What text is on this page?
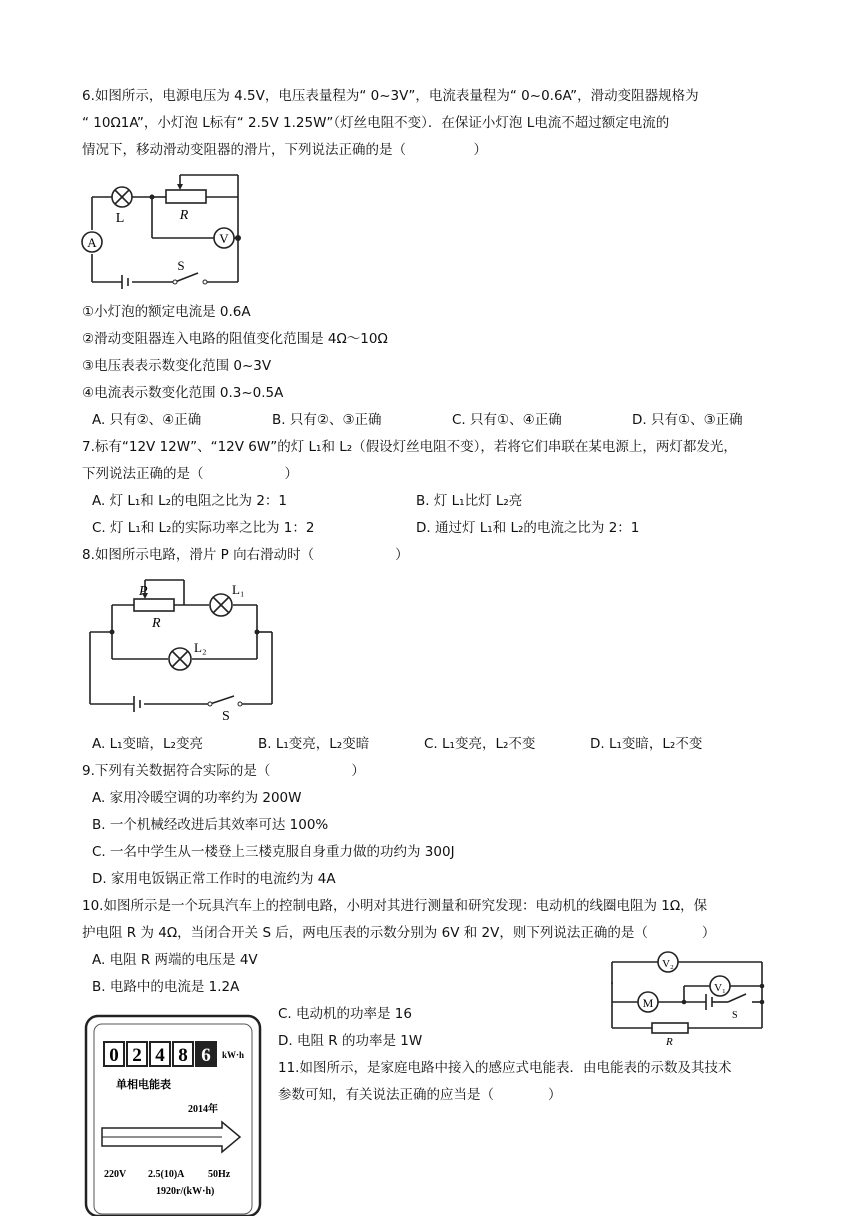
6.如图所示，电源电压为 4.5V，电压表量程为“ 0~3V”，电流表量程为“ 0~0.6A”，滑动变阻器规格为
“ 10Ω1A”，小灯泡 L标有“ 2.5V 1.25W”（灯丝电阻不变）．在保证小灯泡 L电流不超过额定电流的
情况下，移动滑动变阻器的滑片，下列说法正确的是（　　　　　）
A	V
L	R
S
①小灯泡的额定电流是 0.6A
②滑动变阻器连入电路的阻值变化范围是 4Ω～10Ω
③电压表表示数变化范围 0~3V
④电流表示数变化范围 0.3~0.5A
A. 只有②、④正确	B. 只有②、③正确	C. 只有①、④正确	D. 只有①、③正确
7.标有“12V 12W”、“12V 6W”的灯 L₁和 L₂（假设灯丝电阻不变），若将它们串联在某电源上，两灯都发光，
下列说法正确的是（　　　　　　）
A. 灯 L₁和 L₂的电阻之比为 2：1	B. 灯 L₁比灯 L₂亮
C. 灯 L₁和 L₂的实际功率之比为 1：2	D. 通过灯 L₁和 L₂的电流之比为 2：1
8.如图所示电路，滑片 P 向右滑动时（　　　　　　）
P
R
L₁
L₂
S
A. L₁变暗，L₂变亮	B. L₁变亮，L₂变暗	C. L₁变亮，L₂不变	D. L₁变暗，L₂不变
9.下列有关数据符合实际的是（　　　　　　）
A. 家用冷暖空调的功率约为 200W
B. 一个机械经改进后其效率可达 100%
C. 一名中学生从一楼登上三楼克服自身重力做的功约为 300J
D. 家用电饭锅正常工作时的电流约为 4A
10.如图所示是一个玩具汽车上的控制电路，小明对其进行测量和研究发现：电动机的线圈电阻为 1Ω，保
护电阻 R 为 4Ω，当闭合开关 S 后，两电压表的示数分别为 6V 和 2V，则下列说法正确的是（　　　　）
A. 电阻 R 两端的电压是 4V
B. 电路中的电流是 1.2A
C. 电动机的功率是 16
D. 电阻 R 的功率是 1W
V₂
V₁
M
S
R
11.如图所示，是家庭电路中接入的感应式电能表．由电能表的示数及其技术
参数可知，有关说法正确的应当是（　　　　）
0 2 4 8 6 kW·h
单相电能表
2014年
220V 2.5(10)A 50Hz
1920r/(kW·h)
